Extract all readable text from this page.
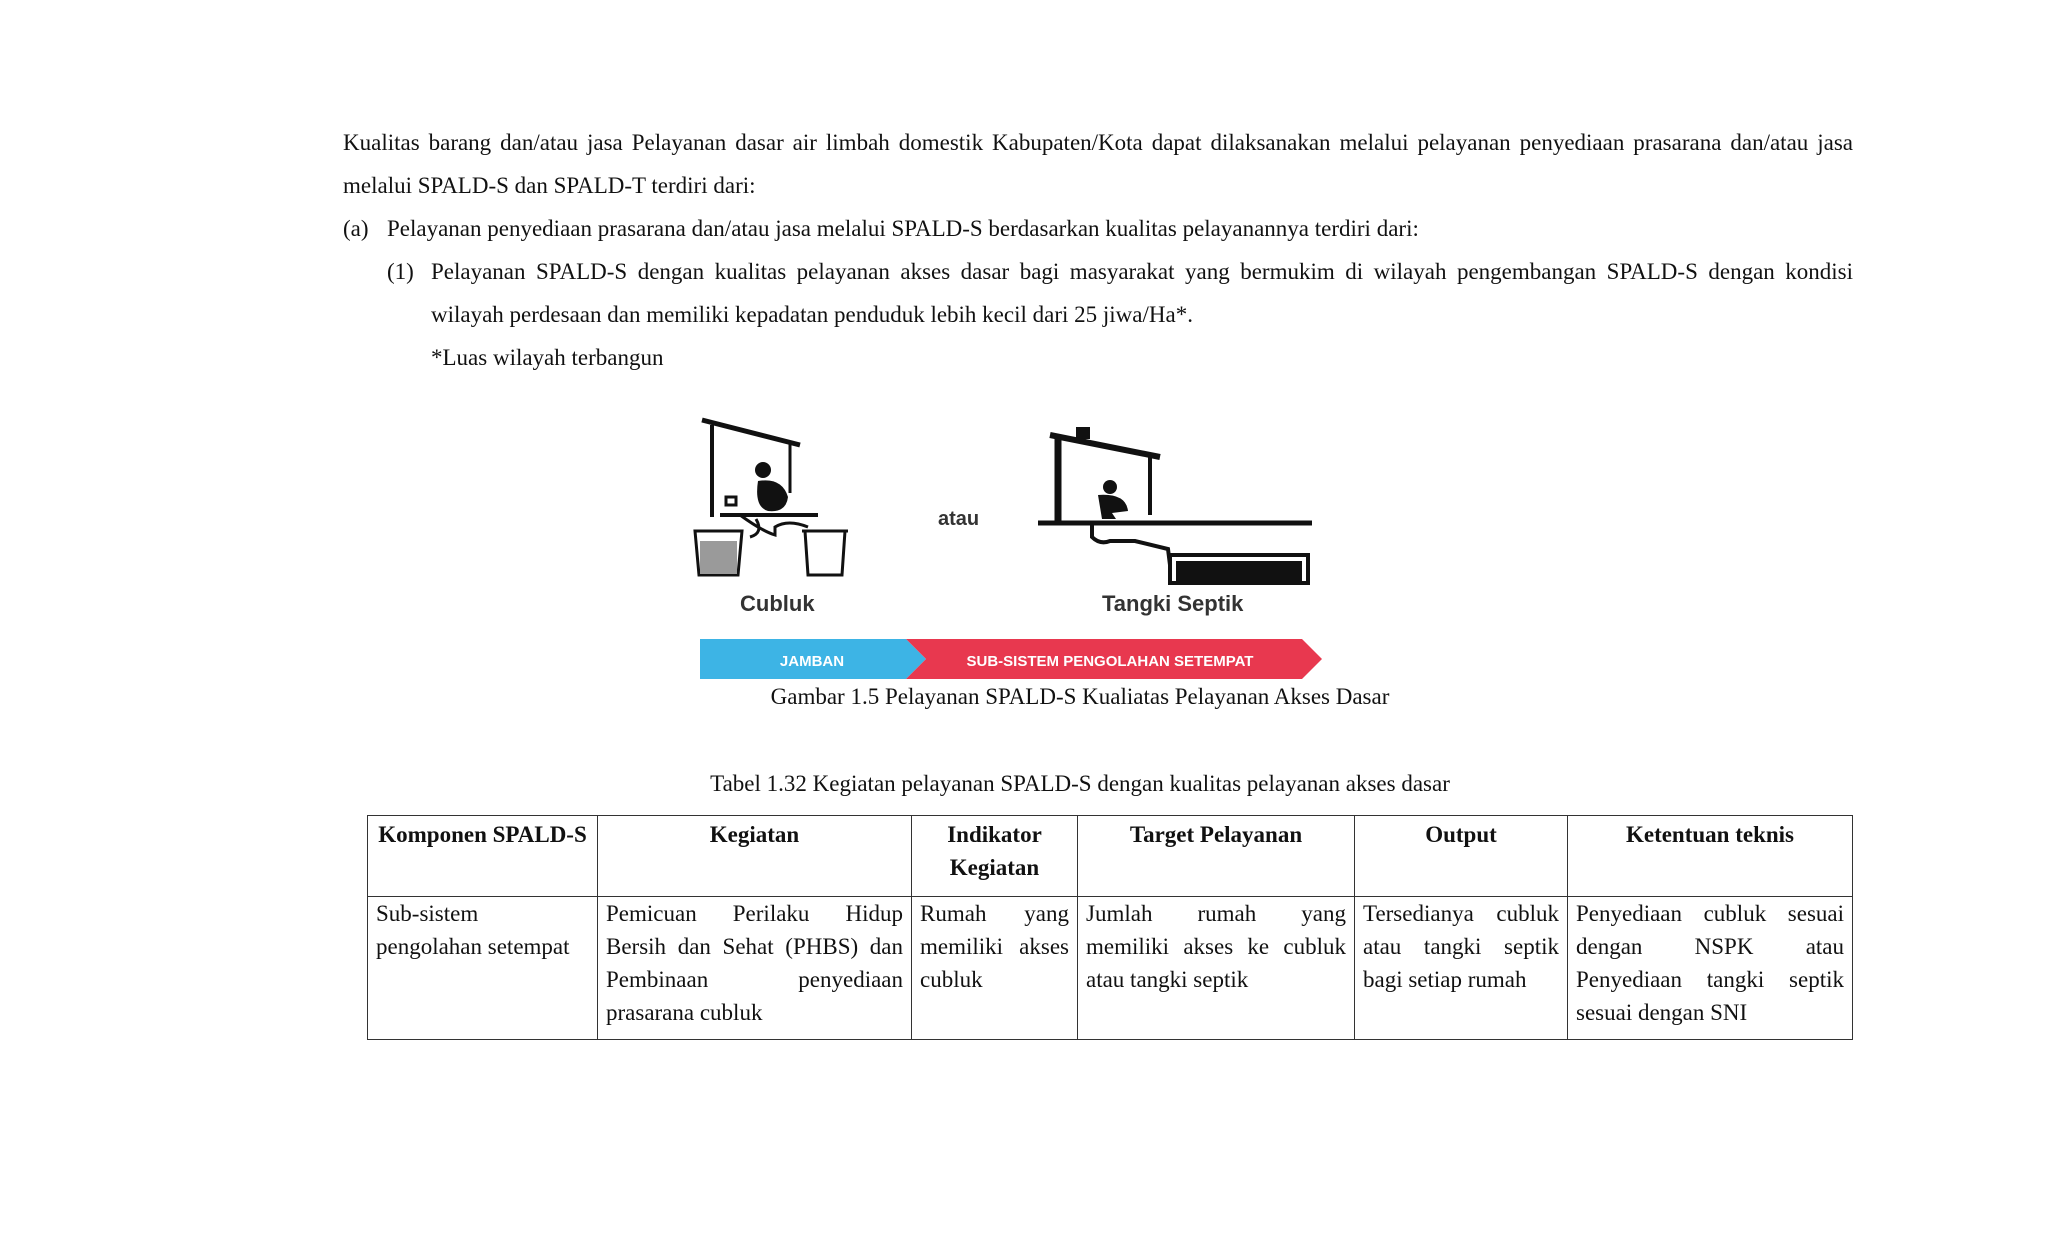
Kualitas barang dan/atau jasa Pelayanan dasar air limbah domestik Kabupaten/Kota dapat dilaksanakan melalui pelayanan penyediaan prasarana dan/atau jasa melalui SPALD-S dan SPALD-T terdiri dari:
(a) Pelayanan penyediaan prasarana dan/atau jasa melalui SPALD-S berdasarkan kualitas pelayanannya terdiri dari:
(1) Pelayanan SPALD-S dengan kualitas pelayanan akses dasar bagi masyarakat yang bermukim di wilayah pengembangan SPALD-S dengan kondisi wilayah perdesaan dan memiliki kepadatan penduduk lebih kecil dari 25 jiwa/Ha*.
*Luas wilayah terbangun
Cubluk
atau
Tangki Septik
JAMBAN	SUB-SISTEM PENGOLAHAN SETEMPAT
Gambar 1.5 Pelayanan SPALD-S Kualiatas Pelayanan Akses Dasar
Tabel 1.32 Kegiatan pelayanan SPALD-S dengan kualitas pelayanan akses dasar
Komponen SPALD-S	Kegiatan	Indikator Kegiatan	Target Pelayanan	Output	Ketentuan teknis
Sub-sistem pengolahan setempat	Pemicuan Perilaku Hidup Bersih dan Sehat (PHBS) dan Pembinaan penyediaan prasarana cubluk	Rumah yang memiliki akses cubluk	Jumlah rumah yang memiliki akses ke cubluk atau tangki septik	Tersedianya cubluk atau tangki septik bagi setiap rumah	Penyediaan cubluk sesuai dengan NSPK atau Penyediaan tangki septik sesuai dengan SNI
